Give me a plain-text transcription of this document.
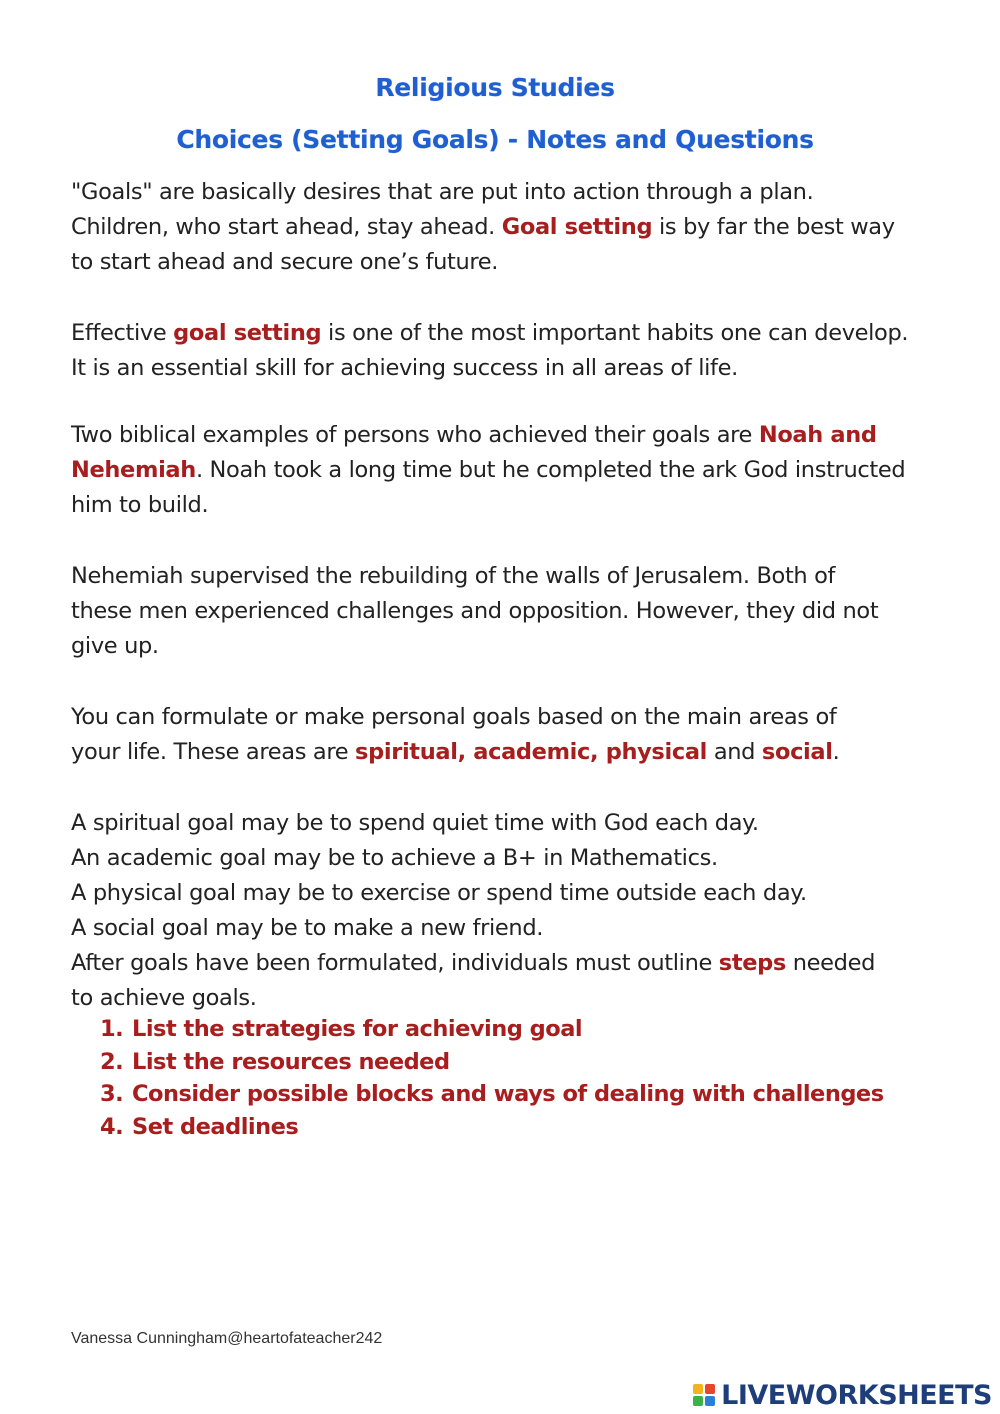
Religious Studies
Choices (Setting Goals) - Notes and Questions
"Goals" are basically desires that are put into action through a plan.
Children, who start ahead, stay ahead. Goal setting is by far the best way
to start ahead and secure one’s future.
Effective goal setting is one of the most important habits one can develop.
It is an essential skill for achieving success in all areas of life.
Two biblical examples of persons who achieved their goals are Noah and
Nehemiah. Noah took a long time but he completed the ark God instructed
him to build.
Nehemiah supervised the rebuilding of the walls of Jerusalem. Both of
these men experienced challenges and opposition. However, they did not
give up.
You can formulate or make personal goals based on the main areas of
your life. These areas are spiritual, academic, physical and social.
A spiritual goal may be to spend quiet time with God each day.
An academic goal may be to achieve a B+ in Mathematics.
A physical goal may be to exercise or spend time outside each day.
A social goal may be to make a new friend.
After goals have been formulated, individuals must outline steps needed
to achieve goals.
1. List the strategies for achieving goal
2. List the resources needed
3. Consider possible blocks and ways of dealing with challenges
4. Set deadlines
Vanessa Cunningham@heartofateacher242
LIVEWORKSHEETS
